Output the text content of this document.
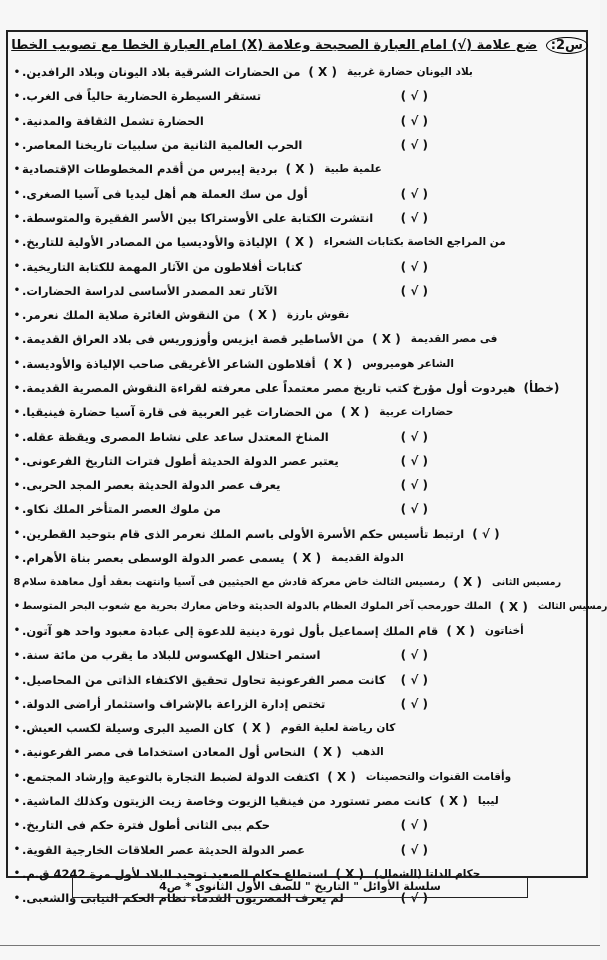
س2: ضع علامة (√) امام العبارة الصحيحة وعلامة (X) امام العبارة الخطا مع تصويب الخطا
• من الحضارات الشرقية بلاد اليونان وبلاد الرافدين. ( X ) بلاد اليونان حضارة غربية
• تستقر السيطرة الحضارية حالياً فى الغرب.	( √ )
• الحضارة تشمل الثقافة والمدنية.	( √ )
• الحرب العالمية الثانية من سلبيات تاريخنا المعاصر.	( √ )
• بردية إيبرس من أقدم المخطوطات الإقتصادية ( X ) علمية طبية
• أول من سك العملة هم أهل ليديا فى آسيا الصغرى.	( √ )
• انتشرت الكتابة على الأوستراكا بين الأسر الفقيرة والمتوسطة.	( √ )
• الإلياذة والأوديسيا من المصادر الأولية للتاريخ. ( X ) من المراجع الخاصة بكتابات الشعراء
• كتابات أفلاطون من الآثار المهمة للكتابة التاريخية.	( √ )
• الآثار تعد المصدر الأساسى لدراسة الحضارات.	( √ )
• من النقوش الغائرة صلاية الملك نعرمر. ( X ) نقوش بارزة
• من الأساطير قصة ايزيس وأوزوريس فى بلاد العراق القديمة. ( X ) فى مصر القديمة
• أفلاطون الشاعر الأغريقى صاحب الإلياذة والأوديسة. ( X ) الشاعر هوميروس
• هيردوت أول مؤرخ كتب تاريخ مصر معتمداً على معرفته لقراءة النقوش المصرية القديمة. (خطأ)
• من الحضارات غير العربية فى قارة آسيا حضارة فينيقيا. ( X ) حضارات عربية
• المناخ المعتدل ساعد على نشاط المصرى ويقظة عقله.	( √ )
• يعتبر عصر الدولة الحديثة أطول فترات التاريخ الفرعونى.	( √ )
• يعرف عصر الدولة الحديثة بعصر المجد الحربى.	( √ )
• من ملوك العصر المتأخر الملك نكاو.	( √ )
• ارتبط تأسيس حكم الأسرة الأولى باسم الملك نعرمر الذى قام بتوحيد القطرين. ( √ )
• يسمى عصر الدولة الوسطى بعصر بناة الأهرام. ( X ) الدولة القديمة
8 رمسيس الثالث خاض معركة قادش مع الحيثيين فى آسيا وانتهت بعقد أول معاهدة سلام ( X )	رمسيس الثانى
• الملك حورمحب آخر الملوك العظام بالدولة الحديثة وخاض معارك بحرية مع شعوب البحر المتوسط ( X )	رمسيس الثالث
• قام الملك إسماعيل بأول ثورة دينية للدعوة إلى عبادة معبود واحد هو آتون. ( X ) أخناتون
• استمر احتلال الهكسوس للبلاد ما يقرب من مائة سنة.	( √ )
• كانت مصر الفرعونية تحاول تحقيق الاكتفاء الذاتى من المحاصيل.	( √ )
• تختص إدارة الزراعة بالإشراف واستثمار أراضى الدولة.	( √ )
• كان الصيد البرى وسيلة لكسب العيش. ( X ) كان رياضة لعلية القوم
• النحاس أول المعادن استخداما فى مصر الفرعونية. ( X ) الذهب
• اكتفت الدولة لضبط التجارة بالتوعية وإرشاد المجتمع. ( X ) وأقامت القنوات والتحصينات
• كانت مصر تستورد من فينقيا الزيوت وخاصة زيت الزيتون وكذلك الماشية. ( X ) ليبيا
• حكم ببى الثانى أطول فترة حكم فى التاريخ.	( √ )
• عصر الدولة الحديثة عصر العلاقات الخارجية القوية.	( √ )
• استطاع حكام الصعيد توحيد البلاد لأول مرة 4242 ق.م. ( X ) حكام الدلتا (الشمال)
• لم يعرف المصريون القدماء نظام الحكم النيابى والشعبى.	( √ )
سلسلة الأوائل " التاريخ " للصف الأول الثانوى * ص4
